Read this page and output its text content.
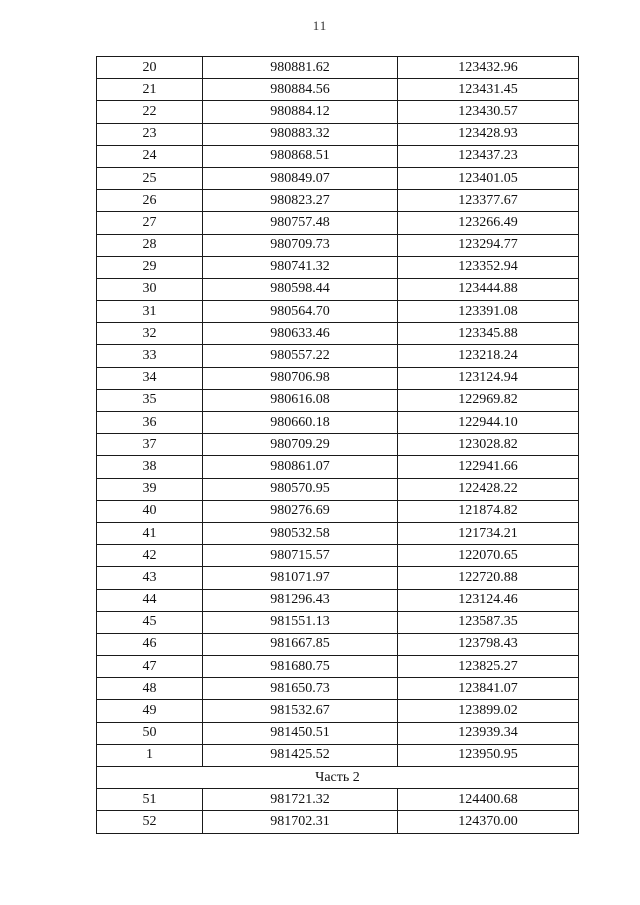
11
20	980881.62	123432.96
21	980884.56	123431.45
22	980884.12	123430.57
23	980883.32	123428.93
24	980868.51	123437.23
25	980849.07	123401.05
26	980823.27	123377.67
27	980757.48	123266.49
28	980709.73	123294.77
29	980741.32	123352.94
30	980598.44	123444.88
31	980564.70	123391.08
32	980633.46	123345.88
33	980557.22	123218.24
34	980706.98	123124.94
35	980616.08	122969.82
36	980660.18	122944.10
37	980709.29	123028.82
38	980861.07	122941.66
39	980570.95	122428.22
40	980276.69	121874.82
41	980532.58	121734.21
42	980715.57	122070.65
43	981071.97	122720.88
44	981296.43	123124.46
45	981551.13	123587.35
46	981667.85	123798.43
47	981680.75	123825.27
48	981650.73	123841.07
49	981532.67	123899.02
50	981450.51	123939.34
1	981425.52	123950.95
Часть 2		
51	981721.32	124400.68
52	981702.31	124370.00
